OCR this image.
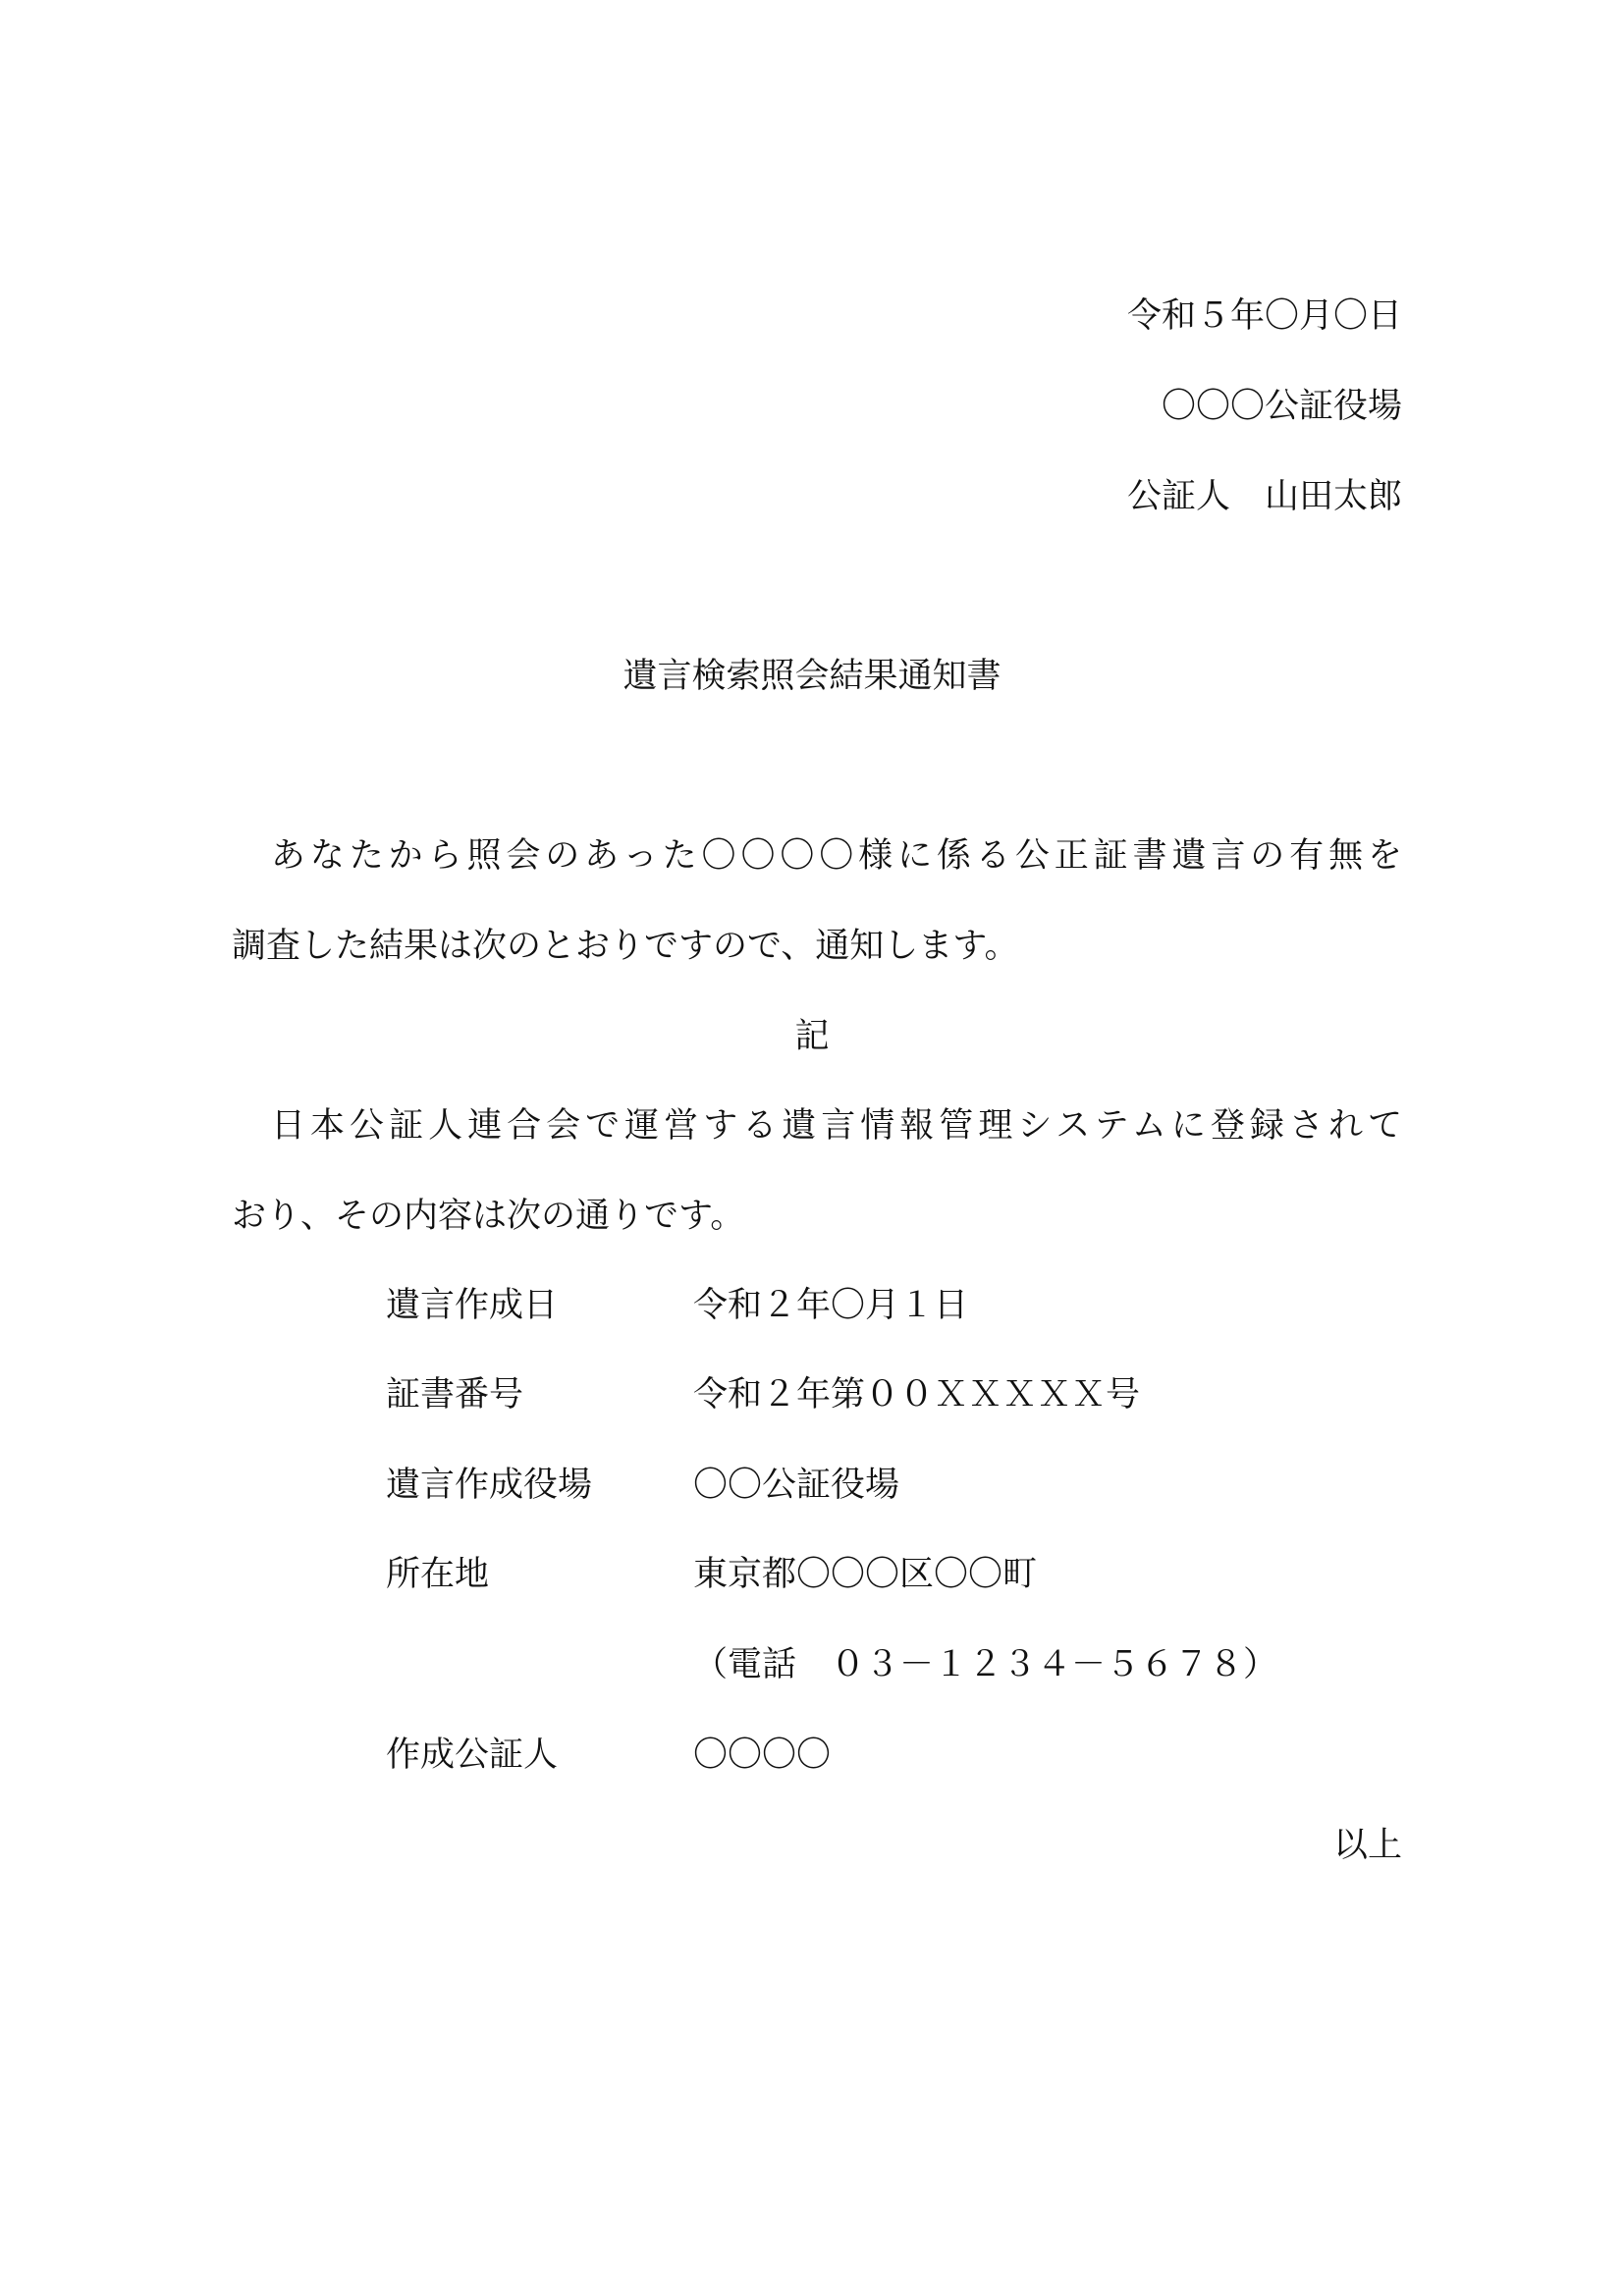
令和５年〇月〇日
〇〇〇公証役場
公証人　山田太郎
遺言検索照会結果通知書
　あなたから照会のあった〇〇〇〇様に係る公正証書遺言の有無を
調査した結果は次のとおりですので、通知します。
記
　日本公証人連合会で運営する遺言情報管理システムに登録されて
おり、その内容は次の通りです。
遺言作成日	令和２年〇月１日
証書番号	令和２年第００ＸＸＸＸＸ号
遺言作成役場	〇〇公証役場
所在地	東京都〇〇〇区〇〇町
（電話　０３－１２３４－５６７８）
作成公証人	〇〇〇〇
以上
